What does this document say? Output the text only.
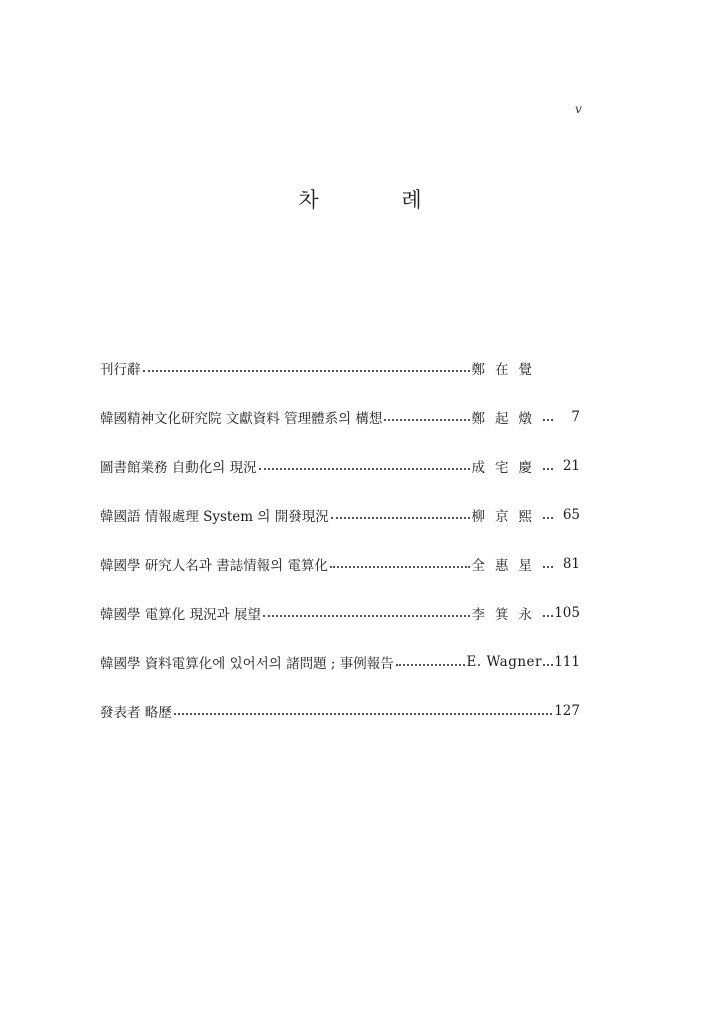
v
차 례
刊行辭	鄭在覺
韓國精神文化研究院 文獻資料 管理體系의 構想	鄭起燉	7
圖書館業務 自動化의 現況	成宅慶	21
韓國語 情報處理 System 의 開發現況	柳京熙	65
韓國學 研究人名과 書誌情報의 電算化	全惠星	81
韓國學 電算化 現況과 展望	李箕永 105
韓國學 資料電算化에 있어서의 諸問題 ; 事例報告	E. Wagner 111
發表者 略歷	127
